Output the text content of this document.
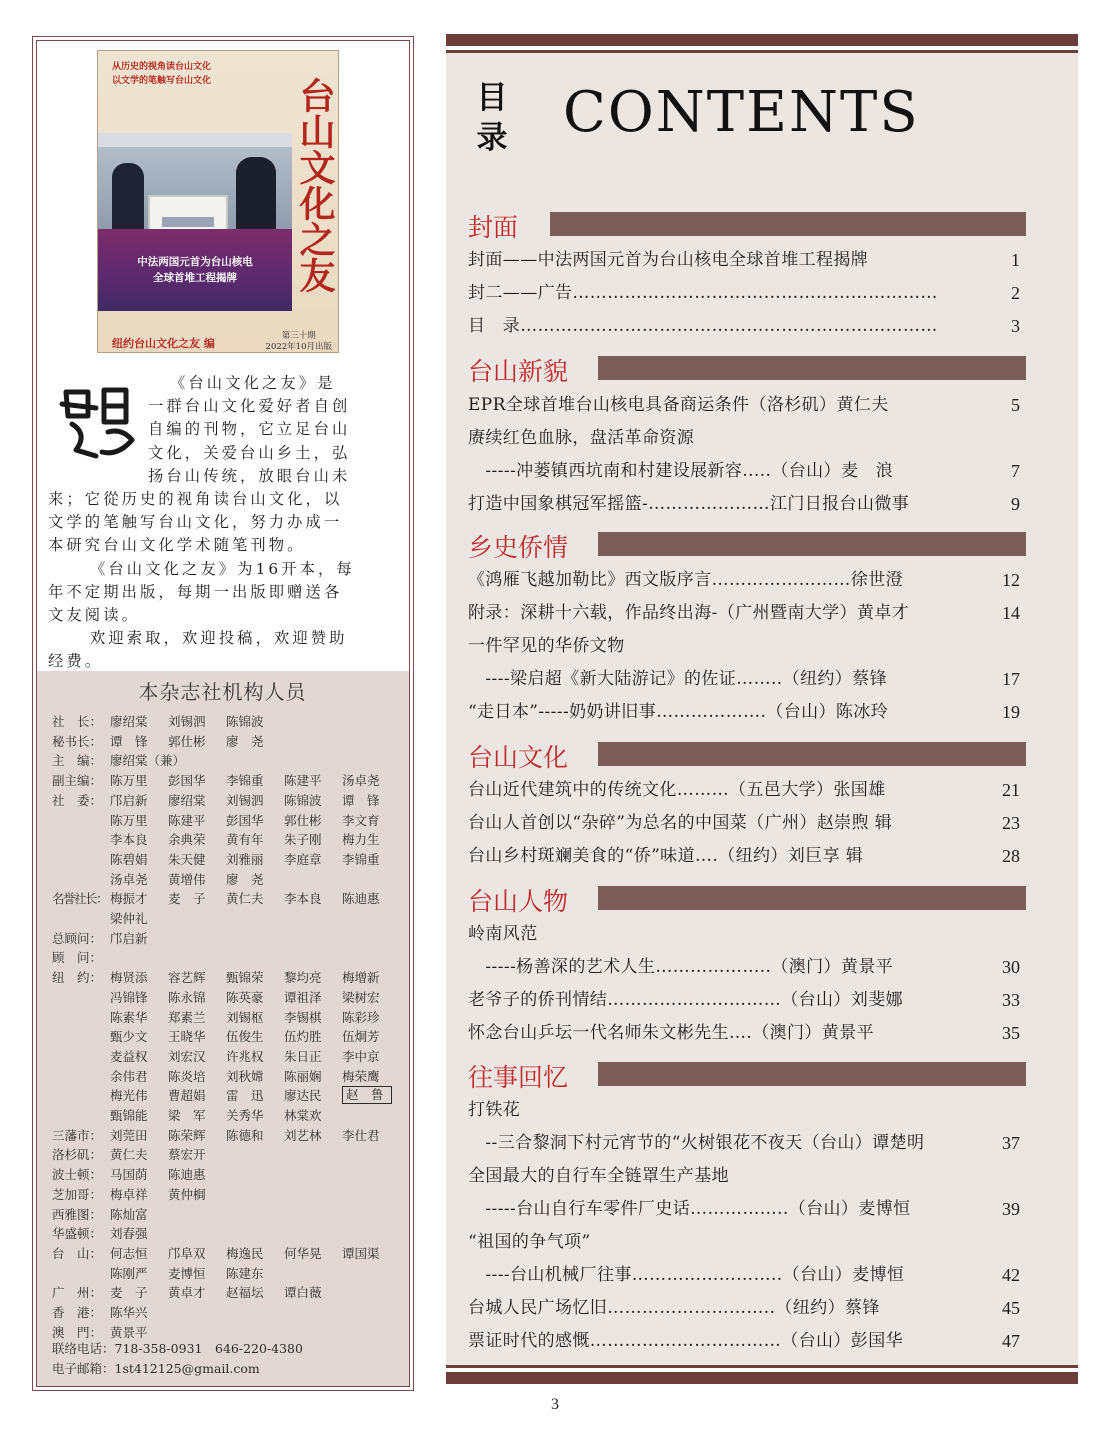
从历史的视角读台山文化
以文学的笔触写台山文化
中法两国元首为台山核电
全球首堆工程揭牌	台山文化之友
纽约台山文化之友 编
第三十期
2022年10月出版
《台山文化之友》是
一群台山文化爱好者自创
自编的刊物，它立足台山
文化，关爱台山乡土，弘
扬台山传统，放眼台山未
来；它從历史的视角读台山文化，以
文学的笔触写台山文化，努力办成一
本研究台山文化学术随笔刊物。
《台山文化之友》为16开本，每
年不定期出版，每期一出版即赠送各
文友阅读。
欢迎索取，欢迎投稿，欢迎赞助
经费。
本杂志社机构人员
社　长： 廖绍棠	刘锡泗	陈锦波
秘书长： 谭　锋	郭仕彬	廖　尧
主　编： 廖绍棠（兼）
副主编： 陈万里	彭国华	李锦重	陈建平	汤卓尧
社　委： 邝启新	廖绍棠	刘锡泗	陈锦波	谭　锋
陈万里	陈建平	彭国华	郭仕彬	李文育
李本良	余典荣	黄有年	朱子刚	梅力生
陈碧娟	朱天健	刘雅丽	李庭章	李锦重
汤卓尧	黄增伟	廖　尧
名誉社长： 梅振才	麦　子	黄仁夫	李本良	陈迪惠
梁仲礼
总顾问： 邝启新
顾　问：
纽　约： 梅贤添	容艺辉	甄锦荣	黎均亮	梅增新
冯锦锋	陈永锦	陈英豪	谭祖泽	梁树宏
陈素华	郑素兰	刘锡枢	李锡棋	陈彩珍
甄少文	王晓华	伍俊生	伍灼胜	伍炯芳
麦益权	刘宏汉	许兆权	朱日正	李中京
余伟君	陈炎培	刘秋嫦	陈丽娴	梅荣鹰
梅光伟	曹超娟	雷　迅	廖达民	赵　鲁
甄锦能	梁　军	关秀华	林棠欢
三藩市： 刘莞田	陈荣辉	陈德和	刘艺林	李仕君
洛杉矶： 黄仁夫	蔡宏开
波士顿： 马国荫	陈迪惠
芝加哥： 梅卓祥	黄仲榈
西雅图： 陈灿富
华盛顿： 刘春强
台　山： 何志恒	邝阜双	梅逸民	何华晃	谭国渠
陈刚严	麦博恒	陈建东
广　州： 麦　子	黄卓才	赵福坛	谭白薇
香　港： 陈华兴
澳　門： 黄景平
联络电话：718-358-0931　646-220-4380
电子邮箱：1st412125@gmail.com
目录 CONTENTS
封面
封面——中法两国元首为台山核电全球首堆工程揭牌	1
封二——广告………………………………………………………	2
目　录………………………………………………………………	3
台山新貌
EPR全球首堆台山核电具备商运条件（洛杉矶）黄仁夫	5
赓续红色血脉，盘活革命资源
　-----冲蒌镇西坑南和村建设展新容.....（台山）麦　浪	7
打造中国象棋冠军摇篮-…………………江门日报台山微事	9
乡史侨情
《鸿雁飞越加勒比》西文版序言……………………徐世澄	12
附录：深耕十六载，作品终出海-（广州暨南大学）黄卓才	14
一件罕见的华侨文物
　----梁启超《新大陆游记》的佐证……..（纽约）蔡锋	17
“走日本”-----奶奶讲旧事……………….（台山）陈冰玲	19
台山文化
台山近代建筑中的传统文化………（五邑大学）张国雄	21
台山人首创以“杂碎”为总名的中国菜（广州）赵崇煦 辑	23
台山乡村斑斓美食的“侨”味道….（纽约）刘巨享 辑	28
台山人物
岭南风范
　-----杨善深的艺术人生………………..（澳门）黄景平	30
老爷子的侨刊情结…………………………（台山）刘斐娜	33
怀念台山乒坛一代名师朱文彬先生….（澳门）黄景平	35
往事回忆
打铁花
　--三合黎洞下村元宵节的“火树银花不夜天（台山）谭楚明	37
全国最大的自行车全链罩生产基地
　-----台山自行车零件厂史话……………..（台山）麦博恒	39
“祖国的争气项”
　----台山机械厂往事……………………..（台山）麦博恒	42
台城人民广场忆旧………………………..（纽约）蔡锋	45
票证时代的感慨……………………………（台山）彭国华	47
3
